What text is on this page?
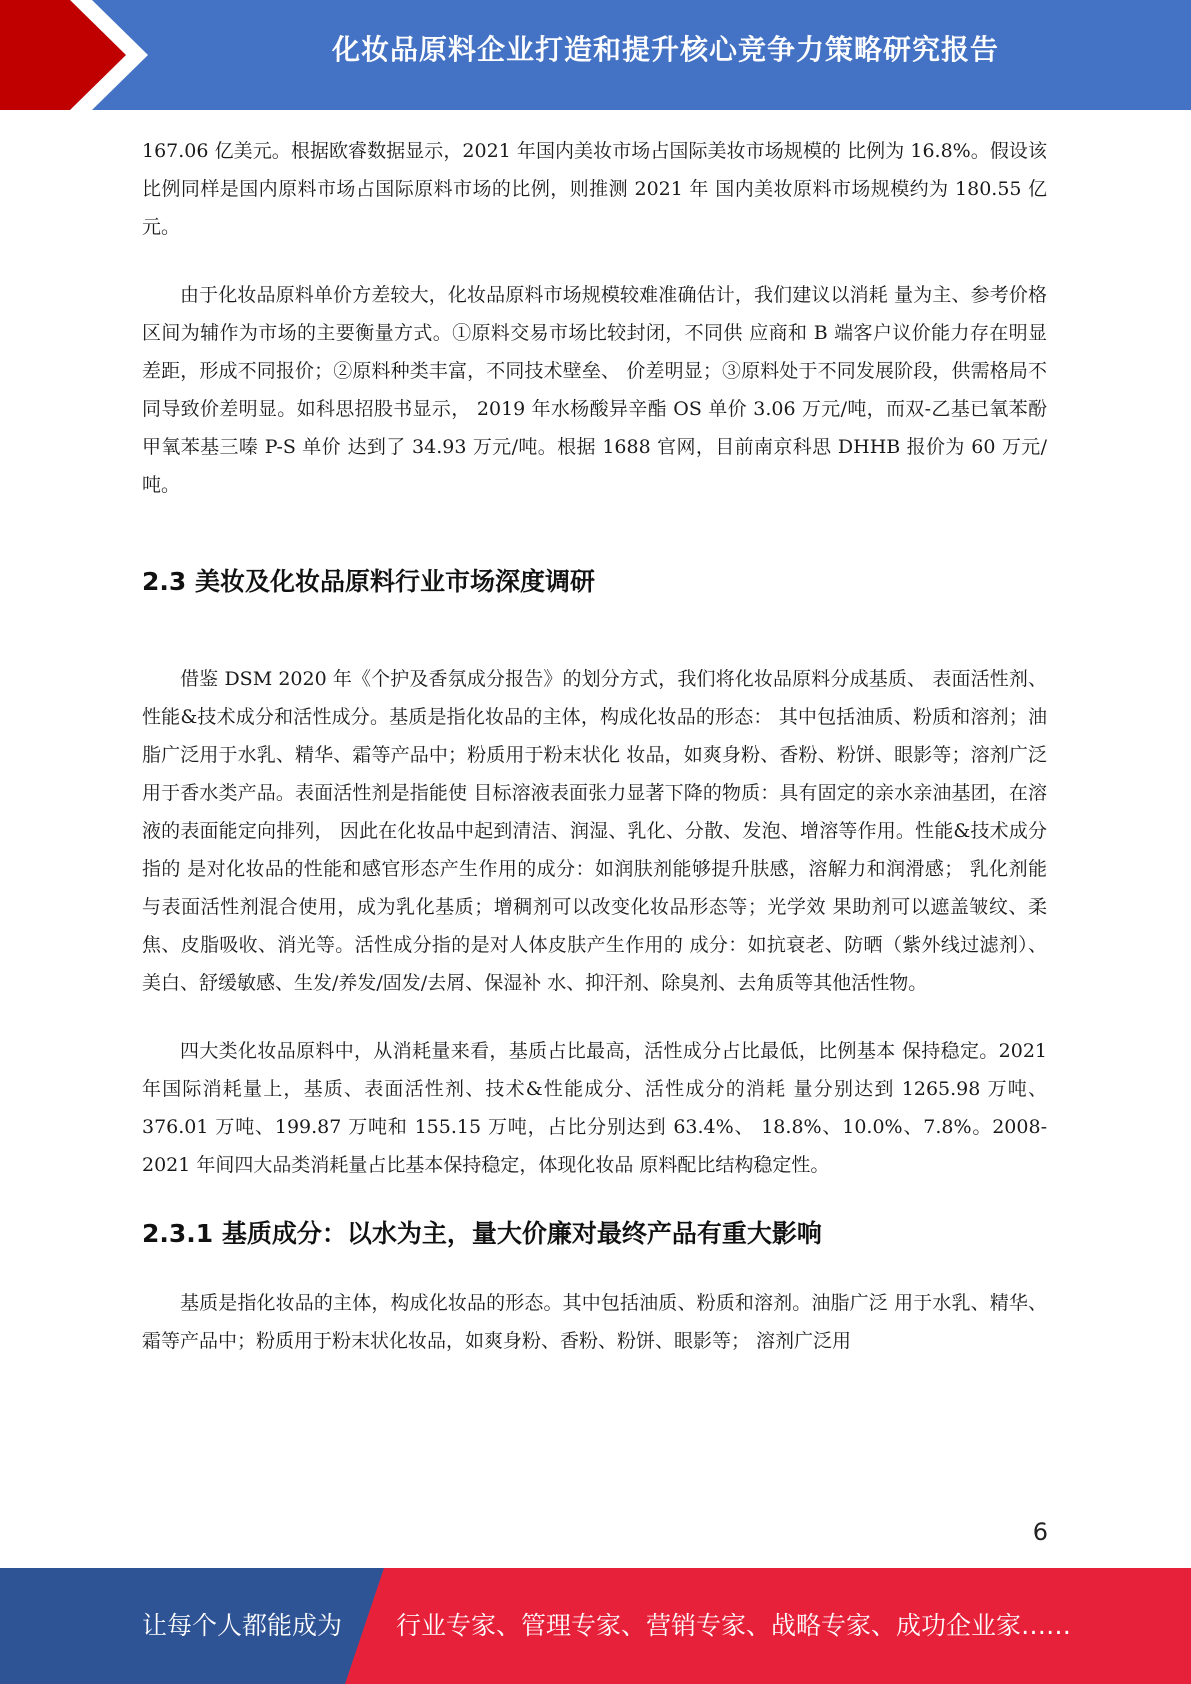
化妆品原料企业打造和提升核心竞争力策略研究报告

167.06 亿美元。根据欧睿数据显示，2021 年国内美妆市场占国际美妆市场规模的 比例为 16.8%。假设该比例同样是国内原料市场占国际原料市场的比例，则推测 2021 年 国内美妆原料市场规模约为 180.55 亿元。

由于化妆品原料单价方差较大，化妆品原料市场规模较难准确估计，我们建议以消耗 量为主、参考价格区间为辅作为市场的主要衡量方式。①原料交易市场比较封闭，不同供 应商和 B 端客户议价能力存在明显差距，形成不同报价；②原料种类丰富，不同技术壁垒、 价差明显；③原料处于不同发展阶段，供需格局不同导致价差明显。如科思招股书显示， 2019 年水杨酸异辛酯 OS 单价 3.06 万元/吨，而双-乙基已氧苯酚甲氧苯基三嗪 P-S 单价 达到了 34.93 万元/吨。根据 1688 官网，目前南京科思 DHHB 报价为 60 万元/吨。

2.3 美妆及化妆品原料行业市场深度调研

借鉴 DSM 2020 年《个护及香氛成分报告》的划分方式，我们将化妆品原料分成基质、 表面活性剂、性能&技术成分和活性成分。基质是指化妆品的主体，构成化妆品的形态： 其中包括油质、粉质和溶剂；油脂广泛用于水乳、精华、霜等产品中；粉质用于粉末状化 妆品，如爽身粉、香粉、粉饼、眼影等；溶剂广泛用于香水类产品。表面活性剂是指能使 目标溶液表面张力显著下降的物质：具有固定的亲水亲油基团，在溶液的表面能定向排列， 因此在化妆品中起到清洁、润湿、乳化、分散、发泡、增溶等作用。性能&技术成分指的 是对化妆品的性能和感官形态产生作用的成分：如润肤剂能够提升肤感，溶解力和润滑感； 乳化剂能与表面活性剂混合使用，成为乳化基质；增稠剂可以改变化妆品形态等；光学效 果助剂可以遮盖皱纹、柔焦、皮脂吸收、消光等。活性成分指的是对人体皮肤产生作用的 成分：如抗衰老、防晒（紫外线过滤剂）、美白、舒缓敏感、生发/养发/固发/去屑、保湿补 水、抑汗剂、除臭剂、去角质等其他活性物。

四大类化妆品原料中，从消耗量来看，基质占比最高，活性成分占比最低，比例基本 保持稳定。2021 年国际消耗量上，基质、表面活性剂、技术&性能成分、活性成分的消耗 量分别达到 1265.98 万吨、376.01 万吨、199.87 万吨和 155.15 万吨，占比分别达到 63.4%、 18.8%、10.0%、7.8%。2008-2021 年间四大品类消耗量占比基本保持稳定，体现化妆品 原料配比结构稳定性。

2.3.1 基质成分：以水为主，量大价廉对最终产品有重大影响

基质是指化妆品的主体，构成化妆品的形态。其中包括油质、粉质和溶剂。油脂广泛 用于水乳、精华、霜等产品中；粉质用于粉末状化妆品，如爽身粉、香粉、粉饼、眼影等； 溶剂广泛用

6
让每个人都能成为 行业专家、管理专家、营销专家、战略专家、成功企业家……
